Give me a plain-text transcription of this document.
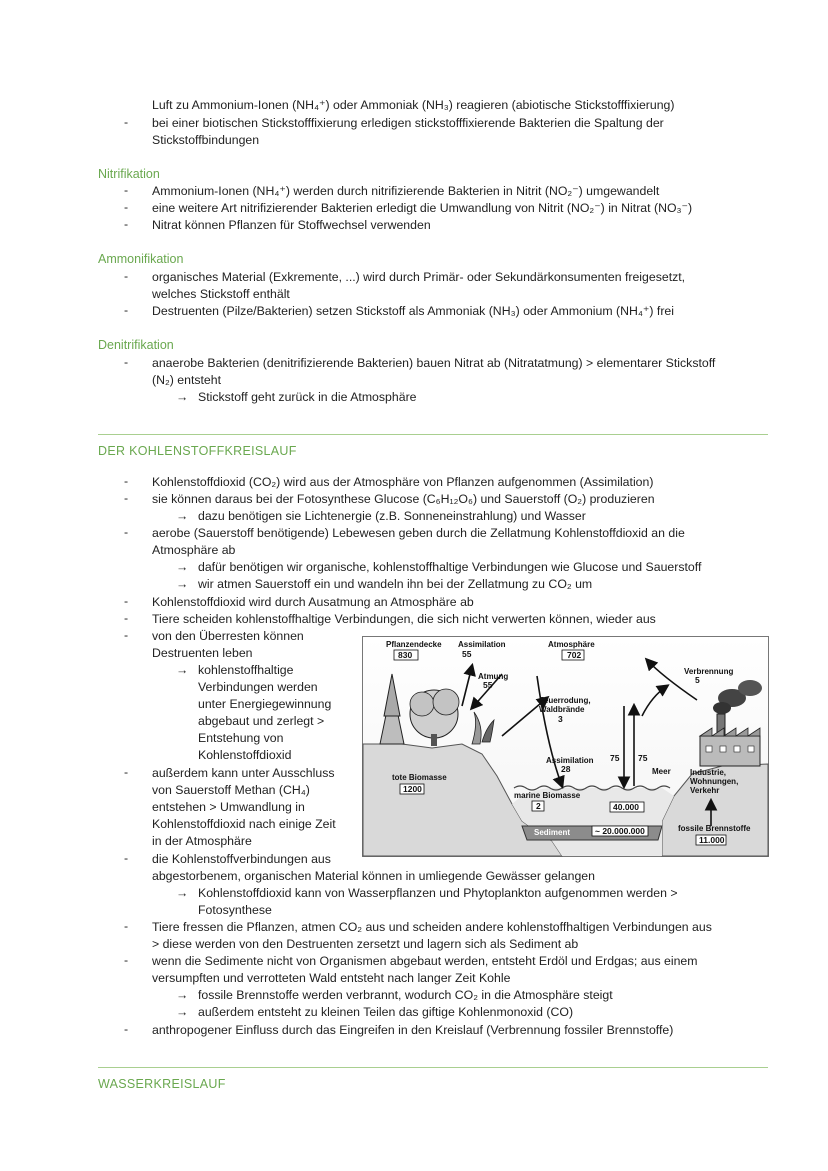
Luft zu Ammonium-Ionen (NH₄⁺) oder Ammoniak (NH₃) reagieren (abiotische Stickstofffixierung)
-	bei einer biotischen Stickstofffixierung erledigen stickstofffixierende Bakterien die Spaltung der
Stickstoffbindungen
Nitrifikation
-	Ammonium-Ionen (NH₄⁺) werden durch nitrifizierende Bakterien in Nitrit (NO₂⁻) umgewandelt
-	eine weitere Art nitrifizierender Bakterien erledigt die Umwandlung von Nitrit (NO₂⁻) in Nitrat (NO₃⁻)
-	Nitrat können Pflanzen für Stoffwechsel verwenden
Ammonifikation
-	organisches Material (Exkremente, ...) wird durch Primär- oder Sekundärkonsumenten freigesetzt,
welches Stickstoff enthält
-	Destruenten (Pilze/Bakterien) setzen Stickstoff als Ammoniak (NH₃) oder Ammonium (NH₄⁺) frei
Denitrifikation
-	anaerobe Bakterien (denitrifizierende Bakterien) bauen Nitrat ab (Nitratatmung) > elementarer Stickstoff
(N₂) entsteht
→ Stickstoff geht zurück in die Atmosphäre
DER KOHLENSTOFFKREISLAUF
-	Kohlenstoffdioxid (CO₂) wird aus der Atmosphäre von Pflanzen aufgenommen (Assimilation)
-	sie können daraus bei der Fotosynthese Glucose (C₆H₁₂O₆) und Sauerstoff (O₂) produzieren
→ dazu benötigen sie Lichtenergie (z.B. Sonneneinstrahlung) und Wasser
-	aerobe (Sauerstoff benötigende) Lebewesen geben durch die Zellatmung Kohlenstoffdioxid an die
Atmosphäre ab
→ dafür benötigen wir organische, kohlenstoffhaltige Verbindungen wie Glucose und Sauerstoff
→ wir atmen Sauerstoff ein und wandeln ihn bei der Zellatmung zu CO₂ um
-	Kohlenstoffdioxid wird durch Ausatmung an Atmosphäre ab
-	Tiere scheiden kohlenstoffhaltige Verbindungen, die sich nicht verwerten können, wieder aus
-	von den Überresten können
Destruenten leben
→ kohlenstoffhaltige
Verbindungen werden
unter Energiegewinnung
abgebaut und zerlegt >
Entstehung von
Kohlenstoffdioxid
-	außerdem kann unter Ausschluss
von Sauerstoff Methan (CH₄)
entstehen > Umwandlung in
Kohlenstoffdioxid nach einige Zeit
in der Atmosphäre
-	die Kohlenstoffverbindungen aus
abgestorbenem, organischen Material können in umliegende Gewässer gelangen
→ Kohlenstoffdioxid kann von Wasserpflanzen und Phytoplankton aufgenommen werden >
Fotosynthese
-	Tiere fressen die Pflanzen, atmen CO₂ aus und scheiden andere kohlenstoffhaltigen Verbindungen aus
> diese werden von den Destruenten zersetzt und lagern sich als Sediment ab
-	wenn die Sedimente nicht von Organismen abgebaut werden, entsteht Erdöl und Erdgas; aus einem
versumpften und verrotteten Wald entsteht nach langer Zeit Kohle
→ fossile Brennstoffe werden verbrannt, wodurch CO₂ in die Atmosphäre steigt
→ außerdem entsteht zu kleinen Teilen das giftige Kohlenmonoxid (CO)
-	anthropogener Einfluss durch das Eingreifen in den Kreislauf (Verbrennung fossiler Brennstoffe)
WASSERKREISLAUF
Pflanzendecke
830
Assimilation
55
Atmosphäre
702
Atmung
55
Verbrennung
5
Feuerrodung,
Waldbrände
3
Assimilation
28
75 75
Meer
tote Biomasse
1200
marine Biomasse
2	40.000
Industrie,
Wohnungen,
Verkehr
Sediment	~ 20.000.000	fossile Brennstoffe
11.000
